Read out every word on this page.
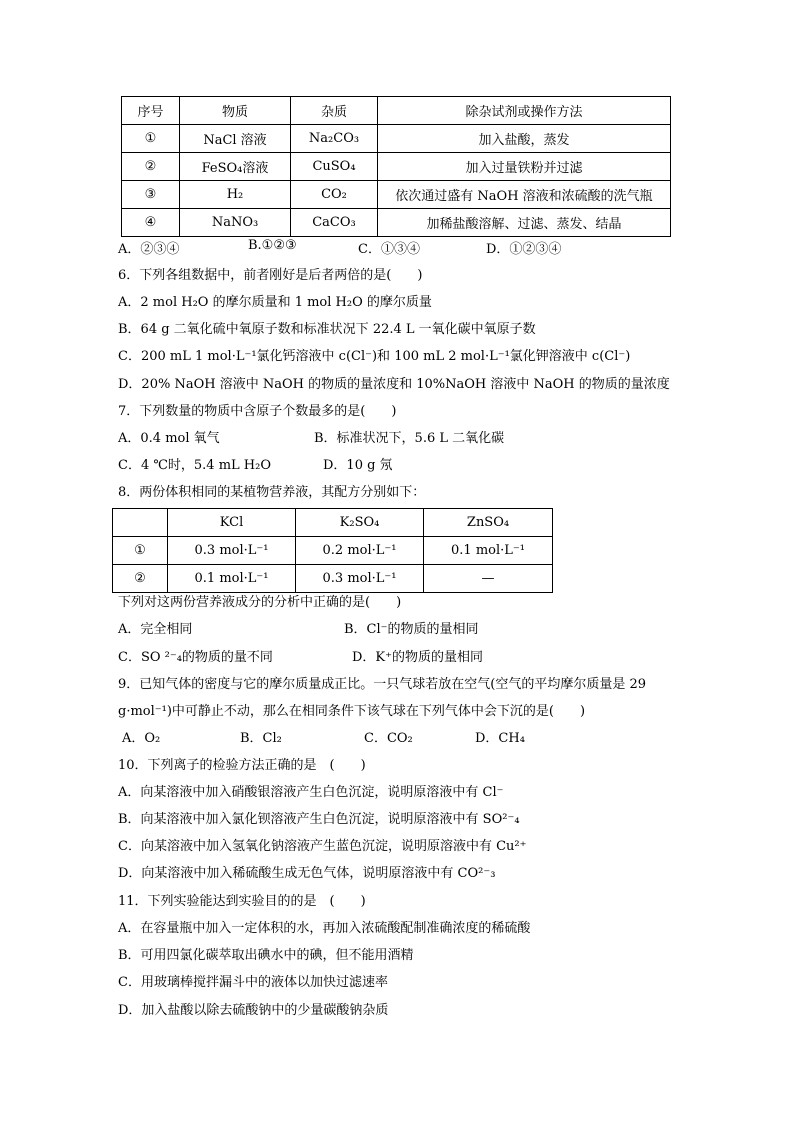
序号	物质	杂质	除杂试剂或操作方法
①	NaCl 溶液	Na₂CO₃	加入盐酸，蒸发
②	FeSO₄溶液	CuSO₄	加入过量铁粉并过滤
③	H₂	CO₂	依次通过盛有 NaOH 溶液和浓硫酸的洗气瓶
④	NaNO₃	CaCO₃	加稀盐酸溶解、过滤、蒸发、结晶
A．②③④	B.①②③	C．①③④	D．①②③④
6．下列各组数据中，前者刚好是后者两倍的是(　　)
A．2 mol H₂O 的摩尔质量和 1 mol H₂O 的摩尔质量
B．64 g 二氧化硫中氧原子数和标准状况下 22.4 L 一氧化碳中氧原子数
C．200 mL 1 mol·L⁻¹氯化钙溶液中 c(Cl⁻)和 100 mL 2 mol·L⁻¹氯化钾溶液中 c(Cl⁻)
D．20% NaOH 溶液中 NaOH 的物质的量浓度和 10%NaOH 溶液中 NaOH 的物质的量浓度
7．下列数量的物质中含原子个数最多的是(　　)
A．0.4 mol 氧气	B．标准状况下，5.6 L 二氧化碳
C．4 ℃时，5.4 mL H₂O	D．10 g 氖
8．两份体积相同的某植物营养液，其配方分别如下：
	KCl	K₂SO₄	ZnSO₄
①	0.3 mol·L⁻¹	0.2 mol·L⁻¹	0.1 mol·L⁻¹
②	0.1 mol·L⁻¹	0.3 mol·L⁻¹	—
下列对这两份营养液成分的分析中正确的是(　　)
A．完全相同	B．Cl⁻的物质的量相同
C．SO ²⁻₄的物质的量不同	D．K⁺的物质的量相同
9．已知气体的密度与它的摩尔质量成正比。一只气球若放在空气(空气的平均摩尔质量是 29
g·mol⁻¹)中可静止不动，那么在相同条件下该气球在下列气体中会下沉的是(　　)
A．O₂	B．Cl₂	C．CO₂	D．CH₄
10．下列离子的检验方法正确的是　(　　)
A．向某溶液中加入硝酸银溶液产生白色沉淀，说明原溶液中有 Cl⁻
B．向某溶液中加入氯化钡溶液产生白色沉淀，说明原溶液中有 SO²⁻₄
C．向某溶液中加入氢氧化钠溶液产生蓝色沉淀，说明原溶液中有 Cu²⁺
D．向某溶液中加入稀硫酸生成无色气体，说明原溶液中有 CO²⁻₃
11．下列实验能达到实验目的的是　(　　)
A．在容量瓶中加入一定体积的水，再加入浓硫酸配制准确浓度的稀硫酸
B．可用四氯化碳萃取出碘水中的碘，但不能用酒精
C．用玻璃棒搅拌漏斗中的液体以加快过滤速率
D．加入盐酸以除去硫酸钠中的少量碳酸钠杂质
